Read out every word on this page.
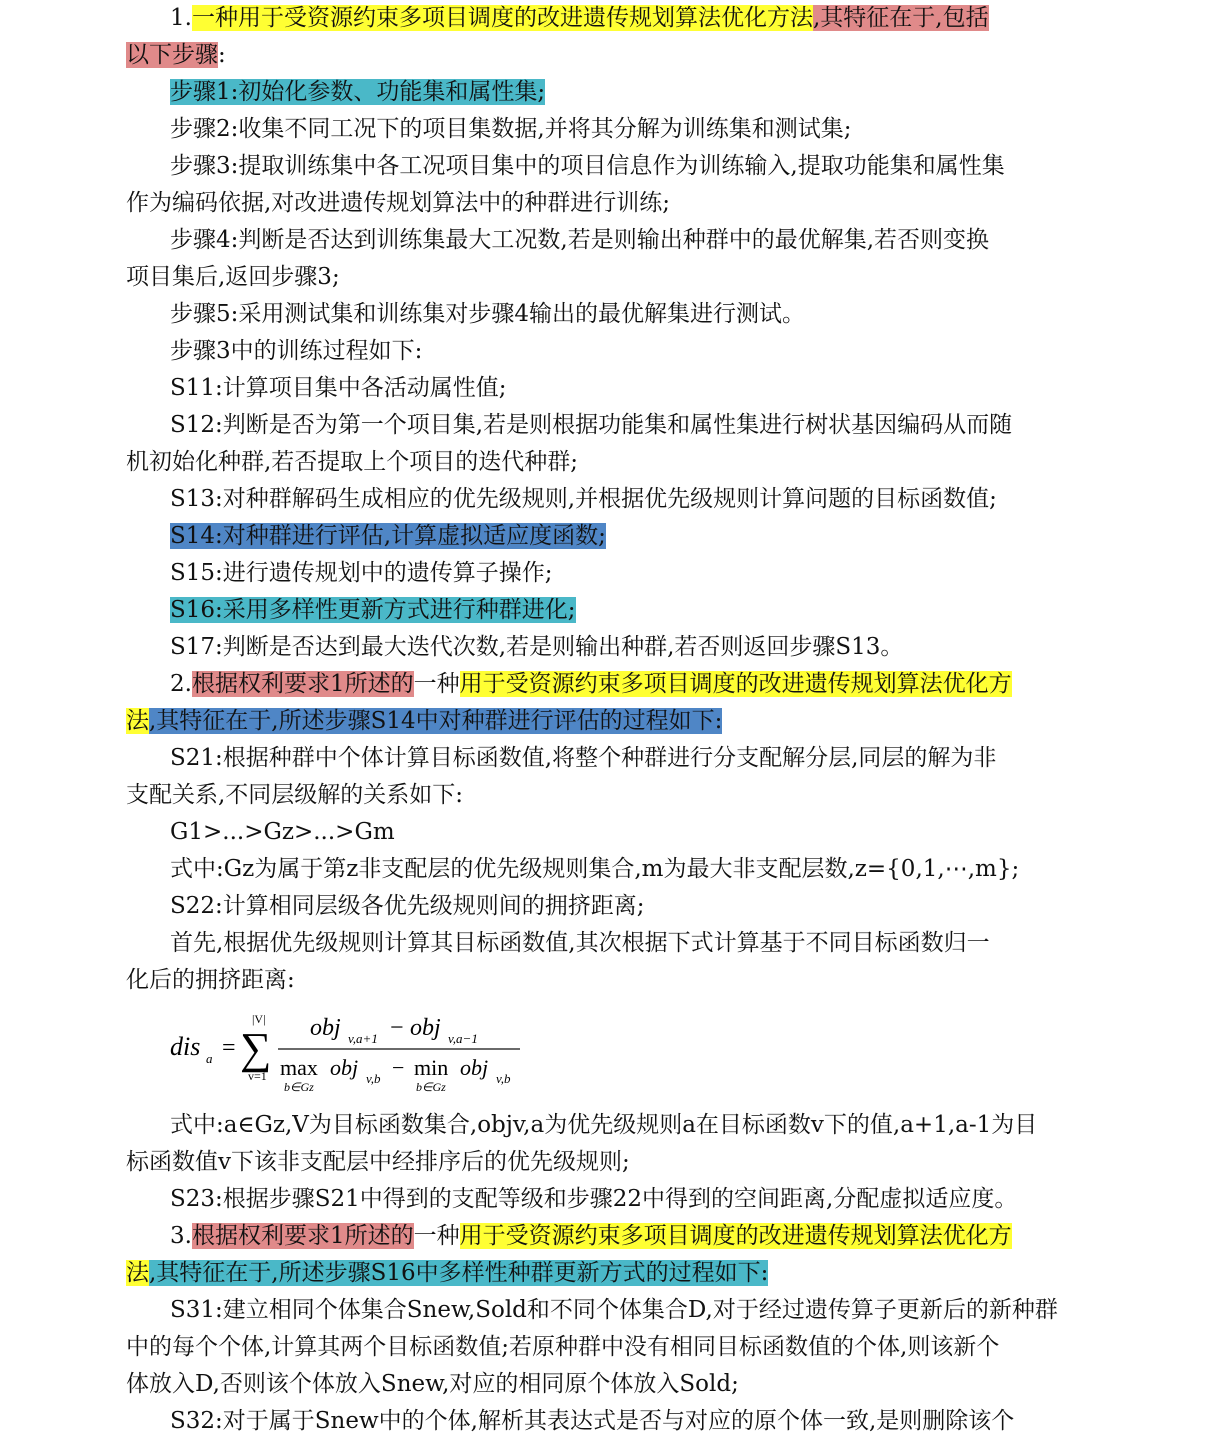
1.一种用于受资源约束多项目调度的改进遗传规划算法优化方法,其特征在于,包括
以下步骤:
步骤1:初始化参数、功能集和属性集;
步骤2:收集不同工况下的项目集数据,并将其分解为训练集和测试集;
步骤3:提取训练集中各工况项目集中的项目信息作为训练输入,提取功能集和属性集
作为编码依据,对改进遗传规划算法中的种群进行训练;
步骤4:判断是否达到训练集最大工况数,若是则输出种群中的最优解集,若否则变换
项目集后,返回步骤3;
步骤5:采用测试集和训练集对步骤4输出的最优解集进行测试。
步骤3中的训练过程如下:
S11:计算项目集中各活动属性值;
S12:判断是否为第一个项目集,若是则根据功能集和属性集进行树状基因编码从而随
机初始化种群,若否提取上个项目的迭代种群;
S13:对种群解码生成相应的优先级规则,并根据优先级规则计算问题的目标函数值;
S14:对种群进行评估,计算虚拟适应度函数;
S15:进行遗传规划中的遗传算子操作;
S16:采用多样性更新方式进行种群进化;
S17:判断是否达到最大迭代次数,若是则输出种群,若否则返回步骤S13。
2.根据权利要求1所述的一种用于受资源约束多项目调度的改进遗传规划算法优化方
法,其特征在于,所述步骤S14中对种群进行评估的过程如下:
S21:根据种群中个体计算目标函数值,将整个种群进行分支配解分层,同层的解为非
支配关系,不同层级解的关系如下:
G1>...>Gz>...>Gm
式中:Gz为属于第z非支配层的优先级规则集合,m为最大非支配层数,z={0,1,⋯,m};
S22:计算相同层级各优先级规则间的拥挤距离;
首先,根据优先级规则计算其目标函数值,其次根据下式计算基于不同目标函数归一
化后的拥挤距离:
dis a = ∑
|V|
v=1
obj v,a+1 − obj v,a−1
max
b∈Gz
obj v,b − min
b∈Gz
obj v,b
式中:a∈Gz,V为目标函数集合,objv,a为优先级规则a在目标函数v下的值,a+1,a-1为目
标函数值v下该非支配层中经排序后的优先级规则;
S23:根据步骤S21中得到的支配等级和步骤22中得到的空间距离,分配虚拟适应度。
3.根据权利要求1所述的一种用于受资源约束多项目调度的改进遗传规划算法优化方
法,其特征在于,所述步骤S16中多样性种群更新方式的过程如下:
S31:建立相同个体集合Snew,Sold和不同个体集合D,对于经过遗传算子更新后的新种群
中的每个个体,计算其两个目标函数值;若原种群中没有相同目标函数值的个体,则该新个
体放入D,否则该个体放入Snew,对应的相同原个体放入Sold;
S32:对于属于Snew中的个体,解析其表达式是否与对应的原个体一致,是则删除该个
